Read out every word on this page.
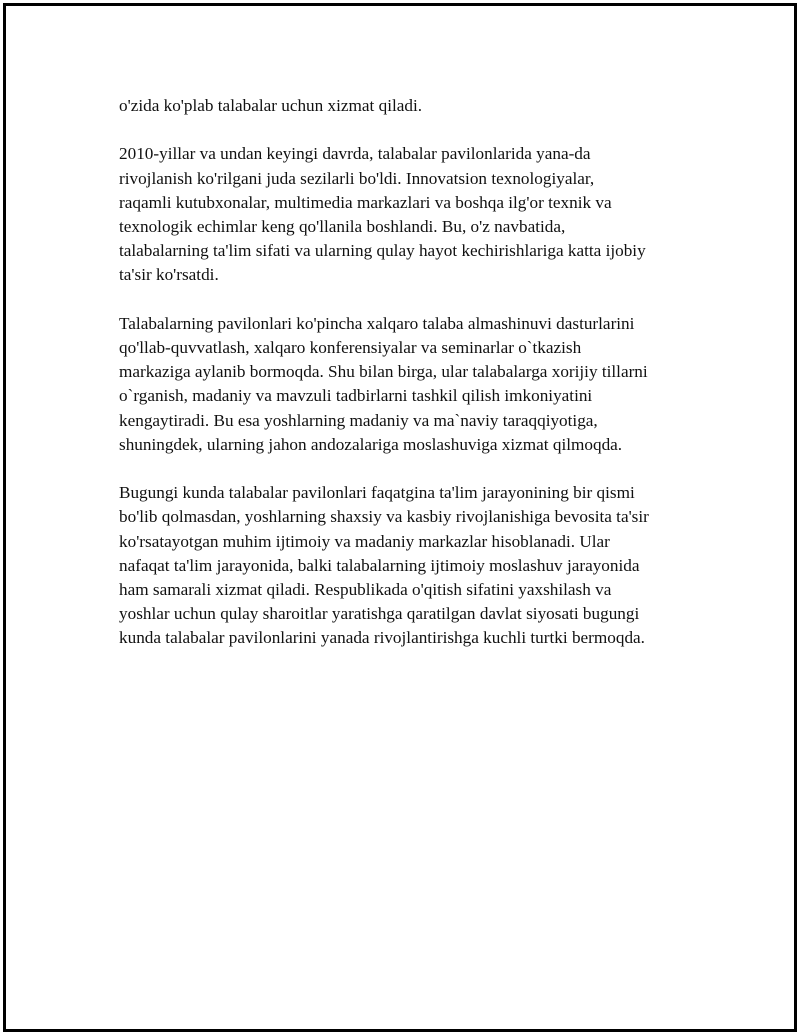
o'zida ko'plab talabalar uchun xizmat qiladi.

2010-yillar va undan keyingi davrda, talabalar pavilonlarida yana-da
rivojlanish ko'rilgani juda sezilarli bo'ldi. Innovatsion texnologiyalar,
raqamli kutubxonalar, multimedia markazlari va boshqa ilg'or texnik va
texnologik echimlar keng qo'llanila boshlandi. Bu, o'z navbatida,
talabalarning ta'lim sifati va ularning qulay hayot kechirishlariga katta ijobiy
ta'sir ko'rsatdi.

Talabalarning pavilonlari ko'pincha xalqaro talaba almashinuvi dasturlarini
qo'llab-quvvatlash, xalqaro konferensiyalar va seminarlar o`tkazish
markaziga aylanib bormoqda. Shu bilan birga, ular talabalarga xorijiy tillarni
o`rganish, madaniy va mavzuli tadbirlarni tashkil qilish imkoniyatini
kengaytiradi. Bu esa yoshlarning madaniy va ma`naviy taraqqiyotiga,
shuningdek, ularning jahon andozalariga moslashuviga xizmat qilmoqda.

Bugungi kunda talabalar pavilonlari faqatgina ta'lim jarayonining bir qismi
bo'lib qolmasdan, yoshlarning shaxsiy va kasbiy rivojlanishiga bevosita ta'sir
ko'rsatayotgan muhim ijtimoiy va madaniy markazlar hisoblanadi. Ular
nafaqat ta'lim jarayonida, balki talabalarning ijtimoiy moslashuv jarayonida
ham samarali xizmat qiladi. Respublikada o'qitish sifatini yaxshilash va
yoshlar uchun qulay sharoitlar yaratishga qaratilgan davlat siyosati bugungi
kunda talabalar pavilonlarini yanada rivojlantirishga kuchli turtki bermoqda.
